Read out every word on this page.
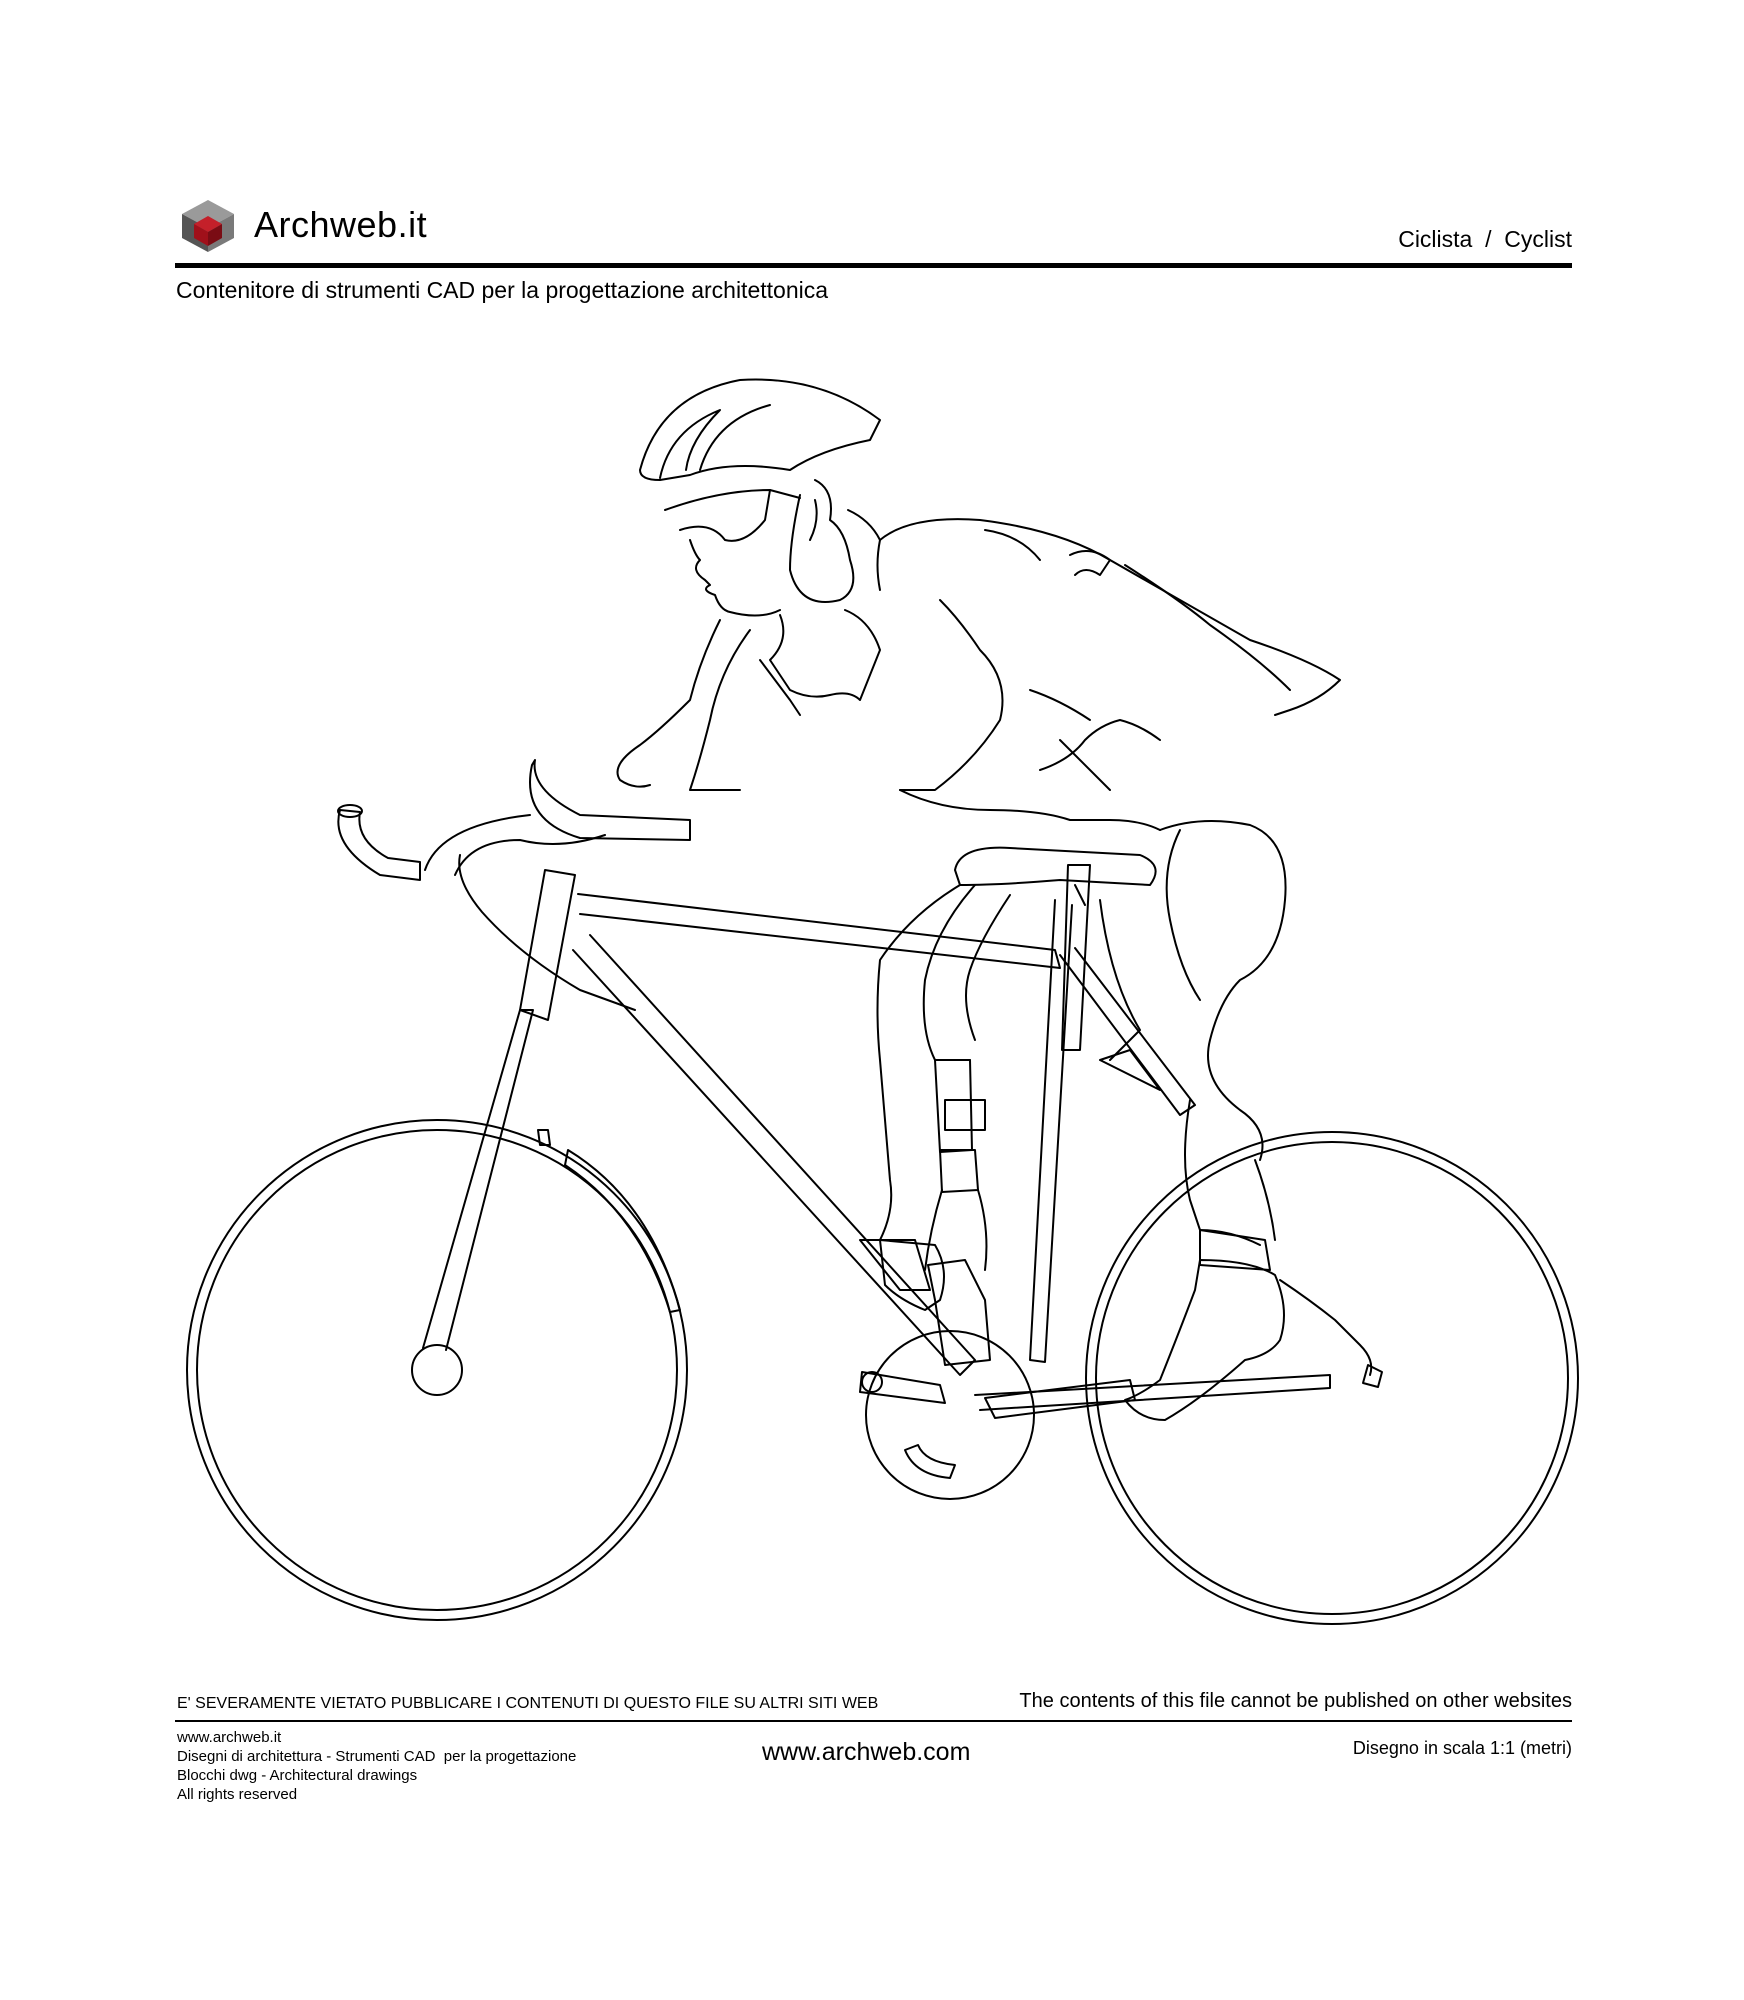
Archweb.it	Ciclista  /  Cyclist
Contenitore di strumenti CAD per la progettazione architettonica
E' SEVERAMENTE VIETATO PUBBLICARE I CONTENUTI DI QUESTO FILE SU ALTRI SITI WEB	The contents of this file cannot be published on other websites
www.archweb.it
Disegni di architettura - Strumenti CAD  per la progettazione
Blocchi dwg - Architectural drawings
All rights reserved
www.archweb.com	Disegno in scala 1:1 (metri)
